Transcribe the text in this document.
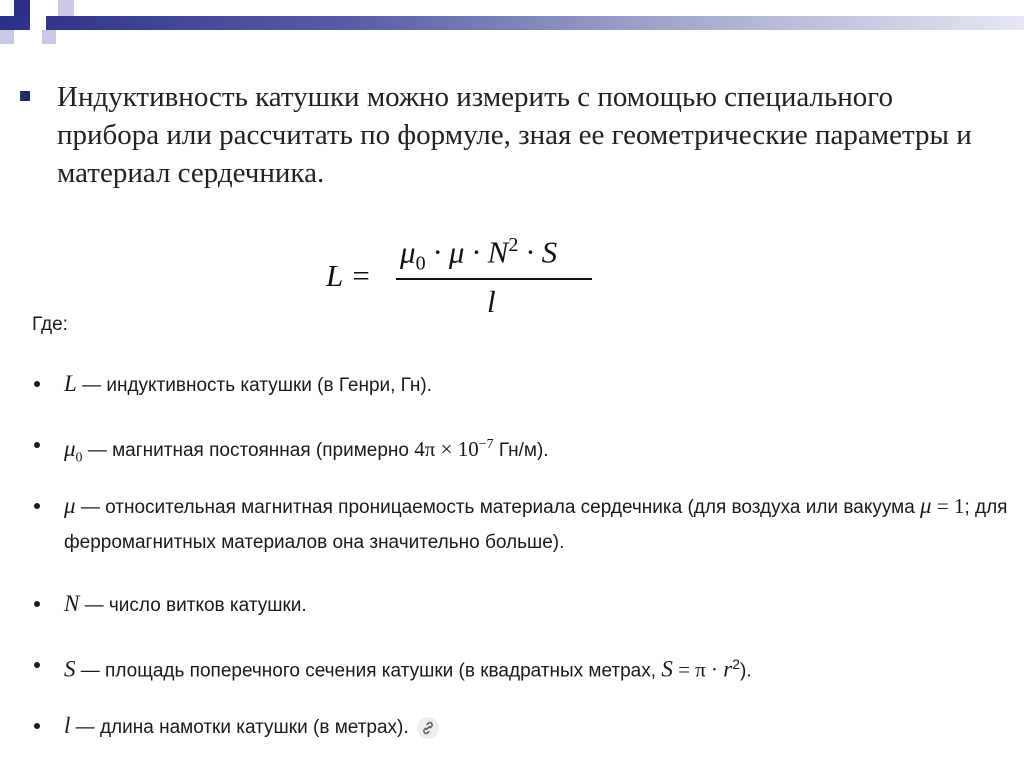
Индуктивность катушки можно измерить с помощью специального прибора или рассчитать по формуле, зная ее геометрические параметры и материал сердечника.

L =
$\mu_0 \cdot \mu \cdot N^2 \cdot S$
l
Где:
L — индуктивность катушки (в Генри, Гн).
$\mu_0$ — магнитная постоянная (примерно $4\pi \times 10^{-7}$ Гн/м).
μ — относительная магнитная проницаемость материала сердечника (для воздуха или вакуума μ = 1; для ферромагнитных материалов она значительно больше).
N — число витков катушки.
S — площадь поперечного сечения катушки (в квадратных метрах, $S = \pi \cdot r^2$).
l — длина намотки катушки (в метрах).
